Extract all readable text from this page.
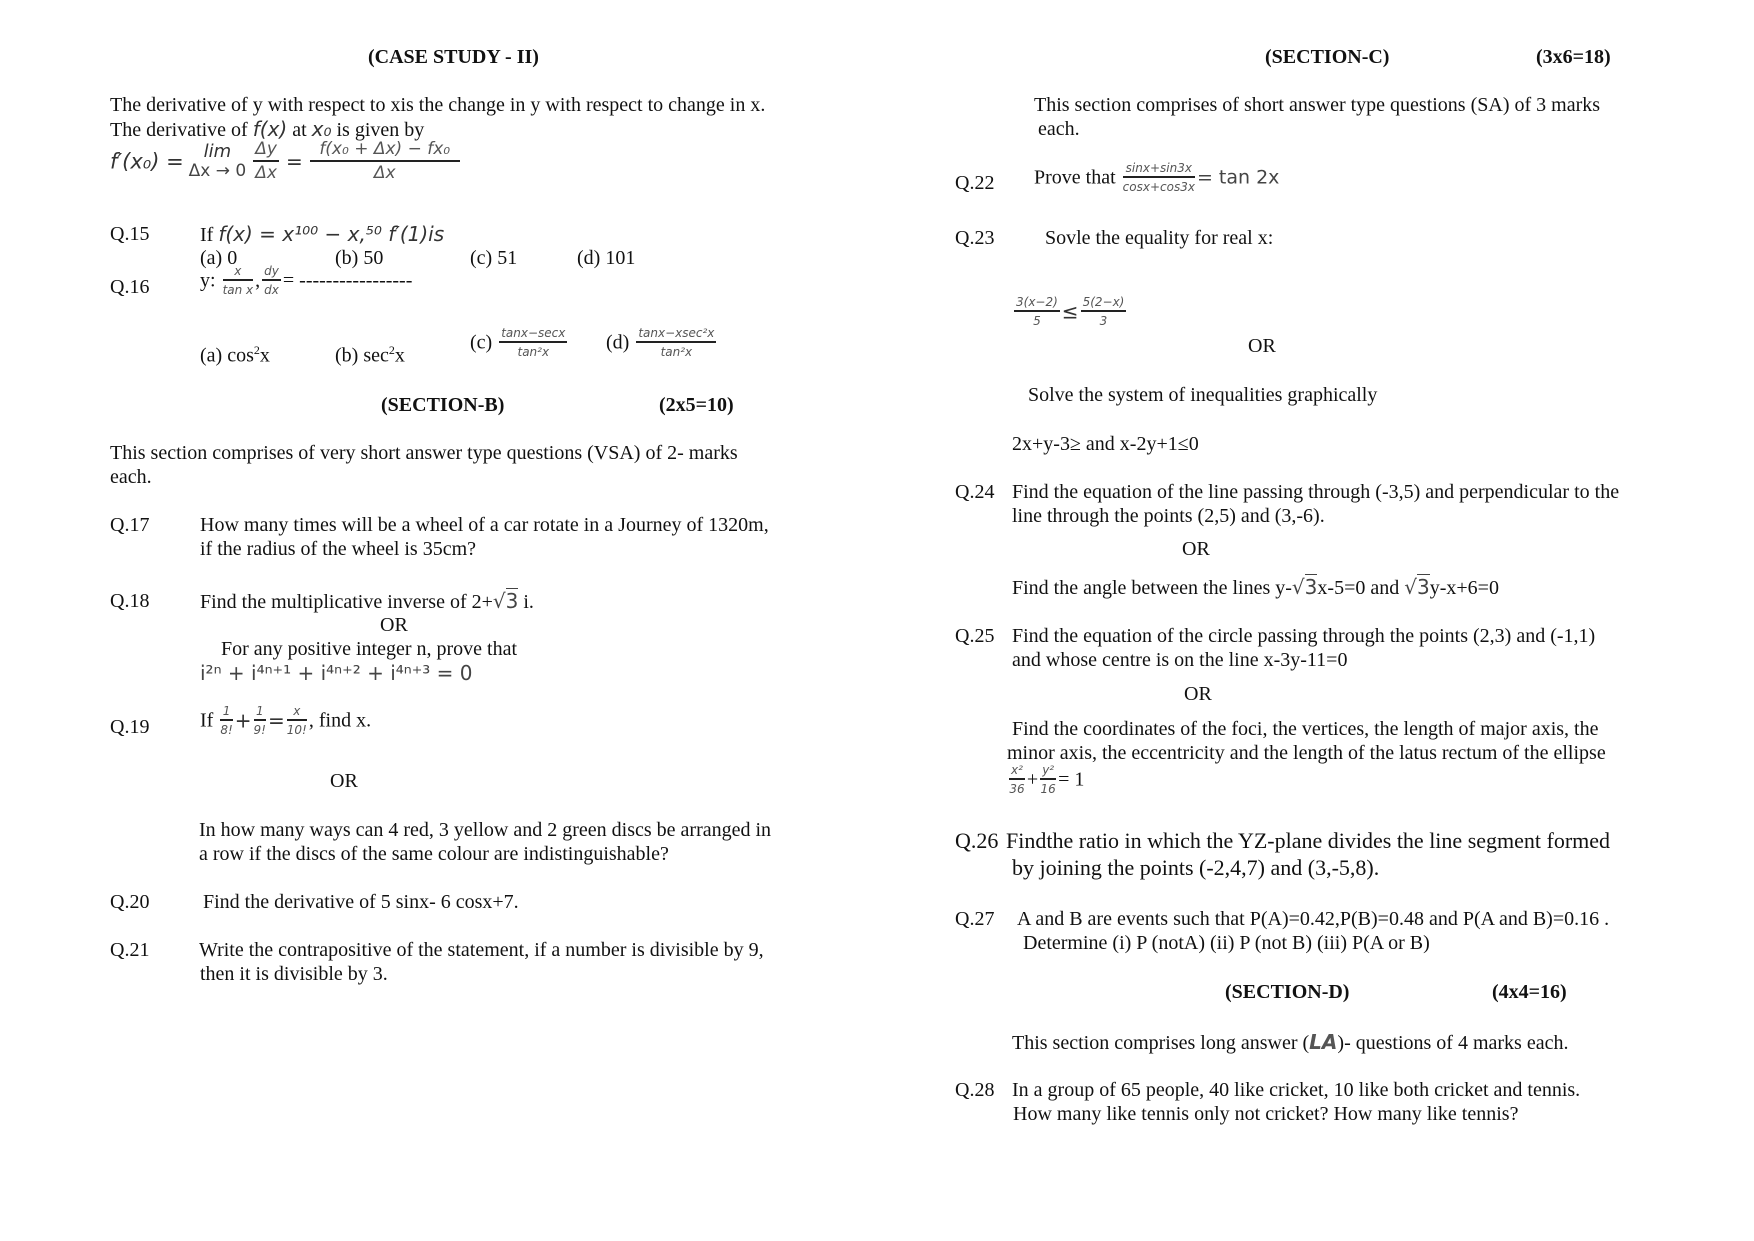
(CASE STUDY - II)
The derivative of y with respect to xis the change in y with respect to change in x.
The derivative of f(x) at x₀ is given by
f′(x₀) =	lim
Δx → 0
$\frac{\Delta y}{\Delta x} = \frac{\text{f(x₀ + Δx) − fx₀}}{\Delta x}$
Q.15	If f(x) = x¹⁰⁰ − x,⁵⁰ f′(1)is
(a) 0	(b) 50	(c) 51	(d) 101
Q.16	y: $\frac{x}{\text{tan x}}$ , $\frac{dy}{dx}$ = -----------------
(a) $\cos^2x$	(b) $\sec^2x$
$(c) \frac{\tan x-\sec x}{\text{tan²x}} (d) \frac{\text{tanx−xsec²x}}{\text{tan²x}}$
(SECTION-B)	(2x5=10)
This section comprises of very short answer type questions (VSA) of 2- marks
each.
Q.17	How many times will be a wheel of a car rotate in a Journey of 1320m,
if the radius of the wheel is 35cm?
Q.18	Find the multiplicative inverse of 2+√3 i.
OR
For any positive integer n, prove that
i²ⁿ + i⁴ⁿ⁺¹ + i⁴ⁿ⁺² + i⁴ⁿ⁺³ = 0
Q.19	If $\frac{1}{8!} + \frac{1}{9!} = \frac{x}{10!}$ , find x.
OR
In how many ways can 4 red, 3 yellow and 2 green discs be arranged in
a row if the discs of the same colour are indistinguishable?
Q.20	Find the derivative of 5 sinx- 6 cosx+7.
Q.21 Write the contrapositive of the statement, if a number is divisible by 9,
then it is divisible by 3.
(SECTION-C)	(3x6=18)
This section comprises of short answer type questions (SA) of 3 marks
each.
Q.22 Prove that $\frac{\sin x+\sin 3x}{\cos x+\cos 3x} = \tan 2x$
Q.23	Sovle the equality for real x:
$\frac{3(x-2)}{5} \le \frac{5(2-x)}{3}$
OR
Solve the system of inequalities graphically
2x+y-3≥ and x-2y+1≤0
Q.24 Find the equation of the line passing through (-3,5) and perpendicular to the
line through the points (2,5) and (3,-6).
OR
Find the angle between the lines y-√3x-5=0 and √3y-x+6=0
Q.25 Find the equation of the circle passing through the points (2,3) and (-1,1)
and whose centre is on the line x-3y-11=0
OR
Find the coordinates of the foci, the vertices, the length of major axis, the
minor axis, the eccentricity and the length of the latus rectum of the ellipse
$\frac{\text{x²}}{36} + \frac{\text{y²}}{16} = 1$
Q.26 Findthe ratio in which the YZ-plane divides the line segment formed
by joining the points (-2,4,7) and (3,-5,8).
Q.27 A and B are events such that P(A)=0.42,P(B)=0.48 and P(A and B)=0.16 .
Determine (i) P (notA) (ii) P (not B) (iii) P(A or B)
(SECTION-D)	(4x4=16)
This section comprises long answer (LA)- questions of 4 marks each.
Q.28 In a group of 65 people, 40 like cricket, 10 like both cricket and tennis.
How many like tennis only not cricket? How many like tennis?
